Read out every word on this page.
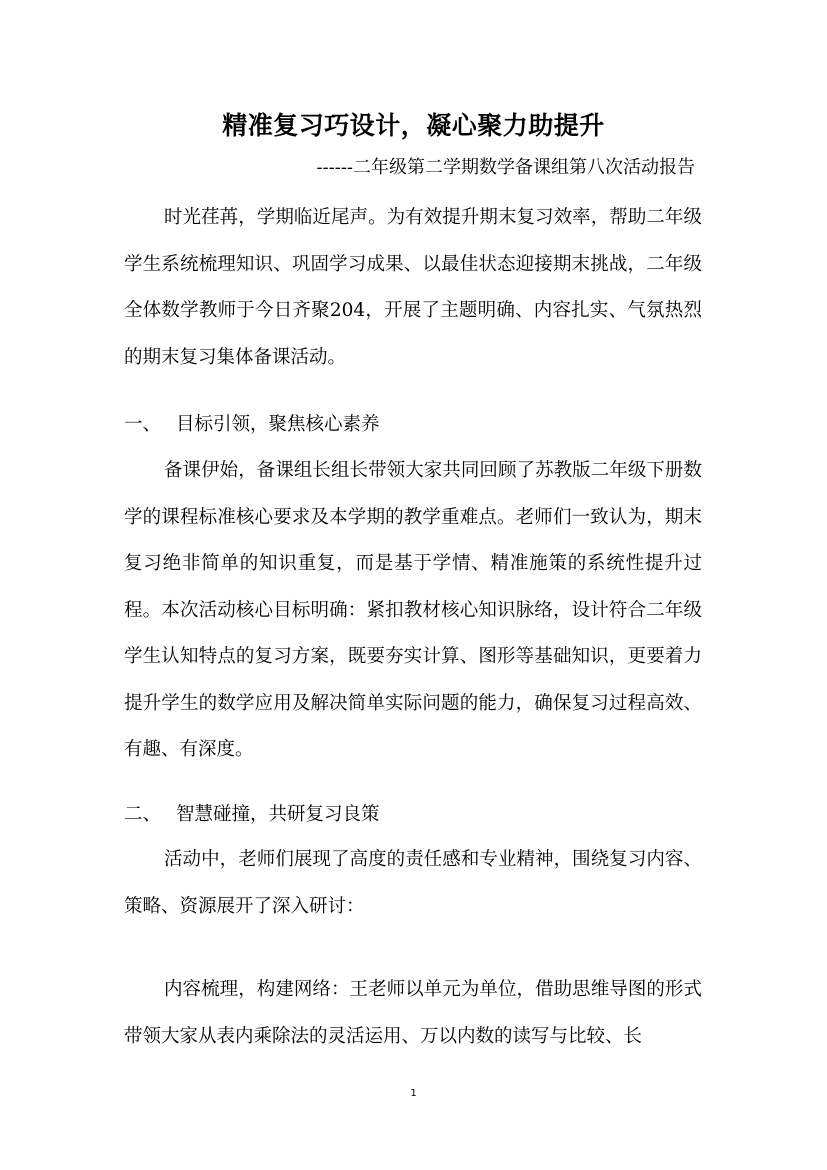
精准复习巧设计，凝心聚力助提升
------二年级第二学期数学备课组第八次活动报告
时光荏苒，学期临近尾声。为有效提升期末复习效率，帮助二年级学生系统梳理知识、巩固学习成果、以最佳状态迎接期末挑战，二年级全体数学教师于今日齐聚204，开展了主题明确、内容扎实、气氛热烈的期末复习集体备课活动。
一、 目标引领，聚焦核心素养
备课伊始，备课组长组长带领大家共同回顾了苏教版二年级下册数学的课程标准核心要求及本学期的教学重难点。老师们一致认为，期末复习绝非简单的知识重复，而是基于学情、精准施策的系统性提升过程。本次活动核心目标明确：紧扣教材核心知识脉络，设计符合二年级学生认知特点的复习方案，既要夯实计算、图形等基础知识，更要着力提升学生的数学应用及解决简单实际问题的能力，确保复习过程高效、有趣、有深度。
二、 智慧碰撞，共研复习良策
活动中，老师们展现了高度的责任感和专业精神，围绕复习内容、策略、资源展开了深入研讨：
内容梳理，构建网络：王老师以单元为单位，借助思维导图的形式带领大家从表内乘除法的灵活运用、万以内数的读写与比较、长
1
